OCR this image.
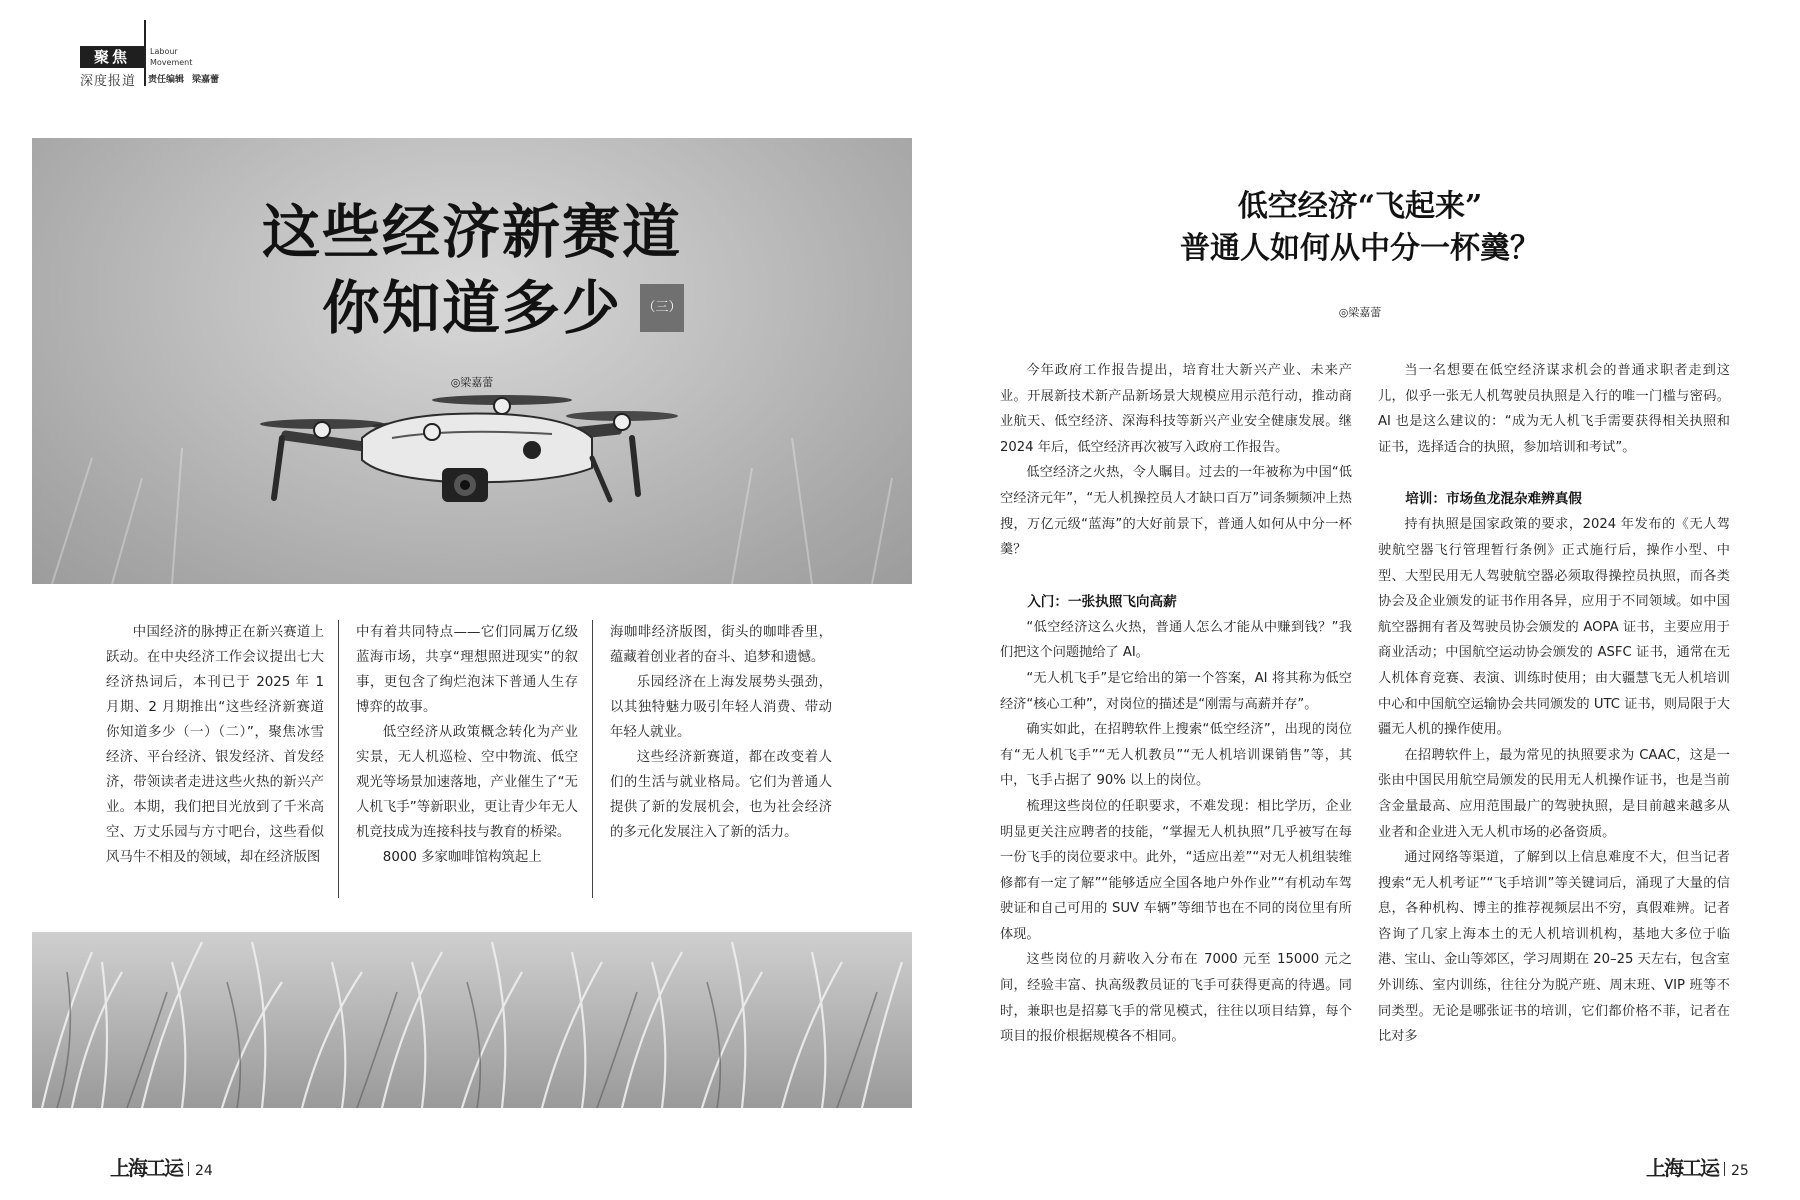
聚焦	Labour
Movement
深度报道 责任编辑 梁嘉蕾
这些经济新赛道
你知道多少	（三）
◎梁嘉蕾

中国经济的脉搏正在新兴赛道上跃动。在中央经济工作会议提出七大经济热词后，本刊已于 2025 年 1 月期、2 月期推出“这些经济新赛道你知道多少（一）（二）”，聚焦冰雪经济、平台经济、银发经济、首发经济，带领读者走进这些火热的新兴产业。本期，我们把目光放到了千米高空、万丈乐园与方寸吧台，这些看似风马牛不相及的领域，却在经济版图

中有着共同特点——它们同属万亿级蓝海市场，共享“理想照进现实”的叙事，更包含了绚烂泡沫下普通人生存博弈的故事。

低空经济从政策概念转化为产业实景，无人机巡检、空中物流、低空观光等场景加速落地，产业催生了“无人机飞手”等新职业，更让青少年无人机竞技成为连接科技与教育的桥梁。

8000 多家咖啡馆构筑起上

海咖啡经济版图，街头的咖啡香里，蕴藏着创业者的奋斗、追梦和遗憾。

乐园经济在上海发展势头强劲，以其独特魅力吸引年轻人消费、带动年轻人就业。

这些经济新赛道，都在改变着人们的生活与就业格局。它们为普通人提供了新的发展机会，也为社会经济的多元化发展注入了新的活力。

低空经济“飞起来”
普通人如何从中分一杯羹？
◎梁嘉蕾

今年政府工作报告提出，培育壮大新兴产业、未来产业。开展新技术新产品新场景大规模应用示范行动，推动商业航天、低空经济、深海科技等新兴产业安全健康发展。继 2024 年后，低空经济再次被写入政府工作报告。

低空经济之火热，令人瞩目。过去的一年被称为中国“低空经济元年”，“无人机操控员人才缺口百万”词条频频冲上热搜，万亿元级“蓝海”的大好前景下，普通人如何从中分一杯羹？

入门：一张执照飞向高薪

“低空经济这么火热，普通人怎么才能从中赚到钱？”我们把这个问题抛给了 AI。

“无人机飞手”是它给出的第一个答案，AI 将其称为低空经济“核心工种”，对岗位的描述是“刚需与高薪并存”。

确实如此，在招聘软件上搜索“低空经济”，出现的岗位有“无人机飞手”“无人机教员”“无人机培训课销售”等，其中，飞手占据了 90% 以上的岗位。

梳理这些岗位的任职要求，不难发现：相比学历，企业明显更关注应聘者的技能，“掌握无人机执照”几乎被写在每一份飞手的岗位要求中。此外，“适应出差”“对无人机组装维修都有一定了解”“能够适应全国各地户外作业”“有机动车驾驶证和自己可用的 SUV 车辆”等细节也在不同的岗位里有所体现。

这些岗位的月薪收入分布在 7000 元至 15000 元之间，经验丰富、执高级教员证的飞手可获得更高的待遇。同时，兼职也是招募飞手的常见模式，往往以项目结算，每个项目的报价根据规模各不相同。

当一名想要在低空经济谋求机会的普通求职者走到这儿，似乎一张无人机驾驶员执照是入行的唯一门槛与密码。AI 也是这么建议的：“成为无人机飞手需要获得相关执照和证书，选择适合的执照，参加培训和考试”。

培训：市场鱼龙混杂难辨真假

持有执照是国家政策的要求，2024 年发布的《无人驾驶航空器飞行管理暂行条例》正式施行后，操作小型、中型、大型民用无人驾驶航空器必须取得操控员执照，而各类协会及企业颁发的证书作用各异，应用于不同领域。如中国航空器拥有者及驾驶员协会颁发的 AOPA 证书，主要应用于商业活动；中国航空运动协会颁发的 ASFC 证书，通常在无人机体育竞赛、表演、训练时使用；由大疆慧飞无人机培训中心和中国航空运输协会共同颁发的 UTC 证书，则局限于大疆无人机的操作使用。

在招聘软件上，最为常见的执照要求为 CAAC，这是一张由中国民用航空局颁发的民用无人机操作证书，也是当前含金量最高、应用范围最广的驾驶执照，是目前越来越多从业者和企业进入无人机市场的必备资质。

通过网络等渠道，了解到以上信息难度不大，但当记者搜索“无人机考证”“飞手培训”等关键词后，涌现了大量的信息，各种机构、博主的推荐视频层出不穷，真假难辨。记者咨询了几家上海本土的无人机培训机构，基地大多位于临港、宝山、金山等郊区，学习周期在 20–25 天左右，包含室外训练、室内训练，往往分为脱产班、周末班、VIP 班等不同类型。无论是哪张证书的培训，它们都价格不菲，记者在比对多

上海工运 24	上海工运 25
